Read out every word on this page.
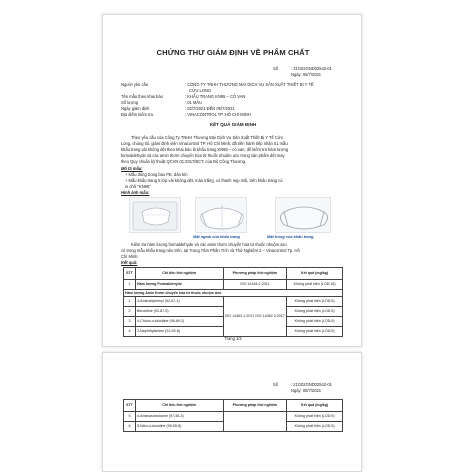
CHỨNG THƯ GIÁM ĐỊNH VỀ PHẨM CHẤT
Số	: 21G02GND02542-01
Ngày: 05/7/2021
Người yêu cầu	: CÔNG TY TNHH THƯƠNG MẠI DỊCH VỤ SẢN XUẤT THIẾT BỊ Y TẾ
CỬU LONG
Tên mẫu theo khai báo	: KHẨU TRANG KN95 – CỎ VAN
Số lượng	: 01 MẪU
Ngày giám định	: 02/7/2021 ĐẾN 05/7/2021
Địa điểm kiểm tra	: VINACONTROL TP. HỒ CHÍ MINH
KẾT QUẢ GIÁM ĐỊNH
Theo yêu cầu của Công Ty TNHH Thương Mại Dịch Vụ Sản Xuất Thiết Bị Y Tế Cửu
Long, chúng tôi, giám định viên Vinacontrol TP. Hồ Chí Minh, đã tiến hành tiếp nhận 01 mẫu
khẩu trang vải không dệt theo khai báo là khẩu trang KN95 – cỏ van, để kiểm tra hàm lượng
formaldehyde và các amin thơm chuyển hóa từ thuốc nhuộm azo trong sản phẩm dệt may
theo Quy chuẩn kỹ thuật QCVN 01:2017/BCT, của Bộ Công Thương.
Mô tả mẫu:
+ Mẫu đóng trong bao PE, dán kín
+ Mẫu khẩu trang 5 lớp vải không dệt, màu trắng, có thanh nẹp mũi, trên khẩu trang có
in chữ "KN95"
Hình ảnh mẫu:
Mặt ngoài của khẩu trang	Mặt trong của khẩu trang
Kiểm tra hàm lượng formaldehyde và các amin thơm chuyển hóa từ thuốc nhuộm azo
có trong mẫu khẩu trang nêu trên, tại Trung Tâm Phân Tích và Thử Nghiệm 2 – Vinacontrol Tp. Hồ
Chí Minh.
Kết quả:
STT	Chỉ tiêu thử nghiệm	Phương pháp thử nghiệm	Kết quả (mg/kg)
1	Hàm lượng Formaldehyde	ISO 14184-1:2011	Không phát hiện (LOD:16)
Hàm lượng Amin thơm chuyển hóa từ thuốc nhuộm Azo			
1	4-Aminobiphenyl (92-67-1)	ISO 14362-1:2017 ISO 14362-3:2017	Không phát hiện (LOD:5)
2	Benzidine (92-87-5)		Không phát hiện (LOD:5)
3	4-Chloro-o-toluidine (95-69-2)		Không phát hiện (LOD:5)
4	2-Naphthylamine (91-59-8)		Không phát hiện (LOD:5)
Trang 1/2
Số	: 21G02GND02542-01
Ngày: 05/7/2021
STT	Chỉ tiêu thử nghiệm	Phương pháp thử nghiệm	Kết quả (mg/kg)
5	o-Aminoazotoluene (97-56-3)		Không phát hiện (LOD:5)
6	5-Nitro-o-toluidine (99-55-8)		Không phát hiện (LOD:5)
